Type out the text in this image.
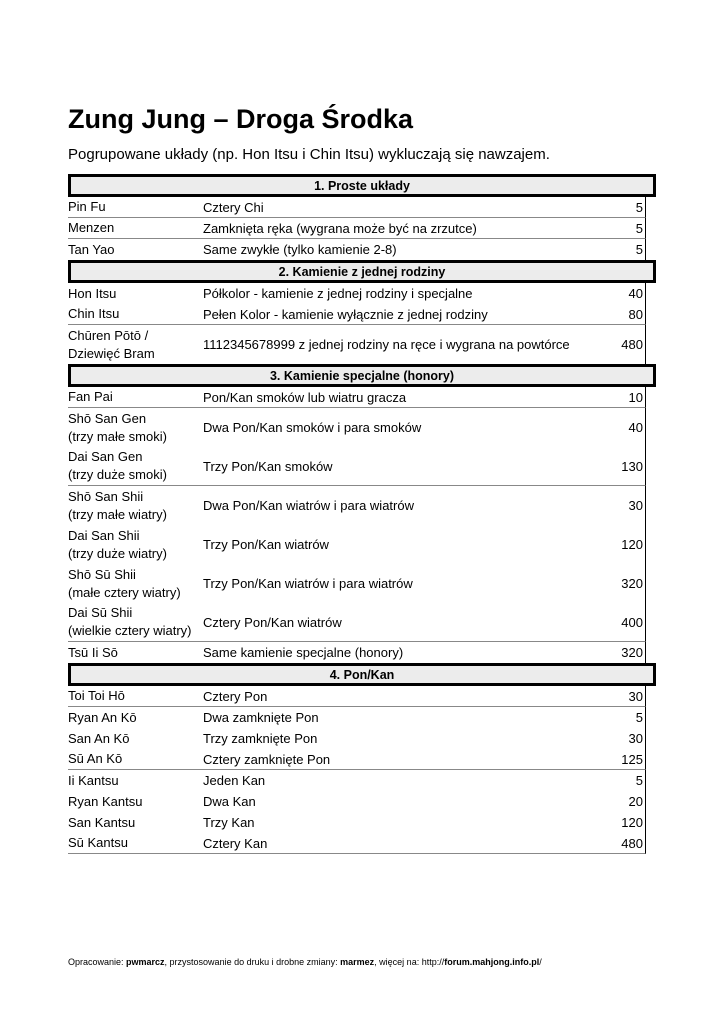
Zung Jung – Droga Środka

Pogrupowane układy (np. Hon Itsu i Chin Itsu) wykluczają się nawzajem.

1. Proste układy
Pin Fu	Cztery Chi	5
Menzen	Zamknięta ręka (wygrana może być na zrzutce)	5
Tan Yao	Same zwykłe (tylko kamienie 2-8)	5
2. Kamienie z jednej rodziny
Hon Itsu	Półkolor - kamienie z jednej rodziny i specjalne	40
Chin Itsu	Pełen Kolor - kamienie wyłącznie z jednej rodziny	80
Chūren Pōtō /
Dziewięć Bram
1112345678999 z jednej rodziny na ręce i wygrana na powtórce	480
3. Kamienie specjalne (honory)
Fan Pai	Pon/Kan smoków lub wiatru gracza	10
Shō San Gen
(trzy małe smoki)
Dwa Pon/Kan smoków i para smoków	40
Dai San Gen
(trzy duże smoki)
Trzy Pon/Kan smoków	130
Shō San Shii
(trzy małe wiatry)
Dwa Pon/Kan wiatrów i para wiatrów	30
Dai San Shii
(trzy duże wiatry)
Trzy Pon/Kan wiatrów	120
Shō Sū Shii
(małe cztery wiatry)
Trzy Pon/Kan wiatrów i para wiatrów	320
Dai Sū Shii
(wielkie cztery wiatry)
Cztery Pon/Kan wiatrów	400
Tsū Ii Sō	Same kamienie specjalne (honory)	320
4. Pon/Kan
Toi Toi Hō	Cztery Pon	30
Ryan An Kō	Dwa zamknięte Pon	5
San An Kō	Trzy zamknięte Pon	30
Sū An Kō	Cztery zamknięte Pon	125
Ii Kantsu	Jeden Kan	5
Ryan Kantsu	Dwa Kan	20
San Kantsu	Trzy Kan	120
Sū Kantsu	Cztery Kan	480
Opracowanie: pwmarcz, przystosowanie do druku i drobne zmiany: marmez, więcej na: http://forum.mahjong.info.pl/
